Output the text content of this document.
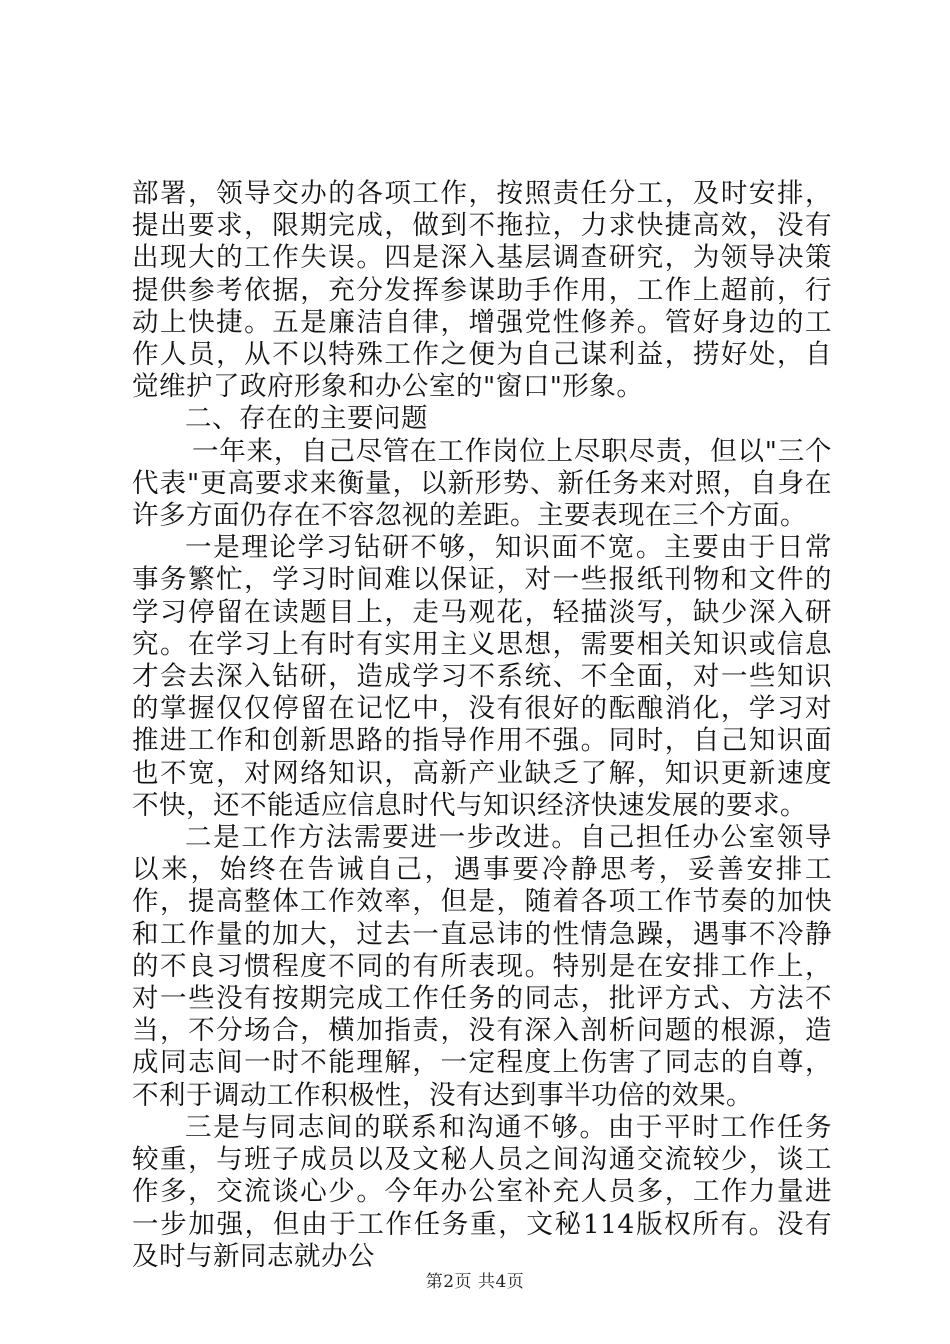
部署，领导交办的各项工作，按照责任分工，及时安排，提出要求，限期完成，做到不拖拉，力求快捷高效，没有出现大的工作失误。四是深入基层调查研究，为领导决策提供参考依据，充分发挥参谋助手作用，工作上超前，行动上快捷。五是廉洁自律，增强党性修养。管好身边的工作人员，从不以特殊工作之便为自己谋利益，捞好处，自觉维护了政府形象和办公室的"窗口"形象。

二、存在的主要问题

一年来，自己尽管在工作岗位上尽职尽责，但以"三个代表"更高要求来衡量，以新形势、新任务来对照，自身在许多方面仍存在不容忽视的差距。主要表现在三个方面。

一是理论学习钻研不够，知识面不宽。主要由于日常事务繁忙，学习时间难以保证，对一些报纸刊物和文件的学习停留在读题目上，走马观花，轻描淡写，缺少深入研究。在学习上有时有实用主义思想，需要相关知识或信息才会去深入钻研，造成学习不系统、不全面，对一些知识的掌握仅仅停留在记忆中，没有很好的酝酿消化，学习对推进工作和创新思路的指导作用不强。同时，自己知识面也不宽，对网络知识，高新产业缺乏了解，知识更新速度不快，还不能适应信息时代与知识经济快速发展的要求。

二是工作方法需要进一步改进。自己担任办公室领导以来，始终在告诫自己，遇事要冷静思考，妥善安排工作，提高整体工作效率，但是，随着各项工作节奏的加快和工作量的加大，过去一直忌讳的性情急躁，遇事不冷静的不良习惯程度不同的有所表现。特别是在安排工作上，对一些没有按期完成工作任务的同志，批评方式、方法不当，不分场合，横加指责，没有深入剖析问题的根源，造成同志间一时不能理解，一定程度上伤害了同志的自尊，不利于调动工作积极性，没有达到事半功倍的效果。

三是与同志间的联系和沟通不够。由于平时工作任务较重，与班子成员以及文秘人员之间沟通交流较少，谈工作多，交流谈心少。今年办公室补充人员多，工作力量进一步加强，但由于工作任务重，文秘114版权所有。没有及时与新同志就办公

第2页 共4页
